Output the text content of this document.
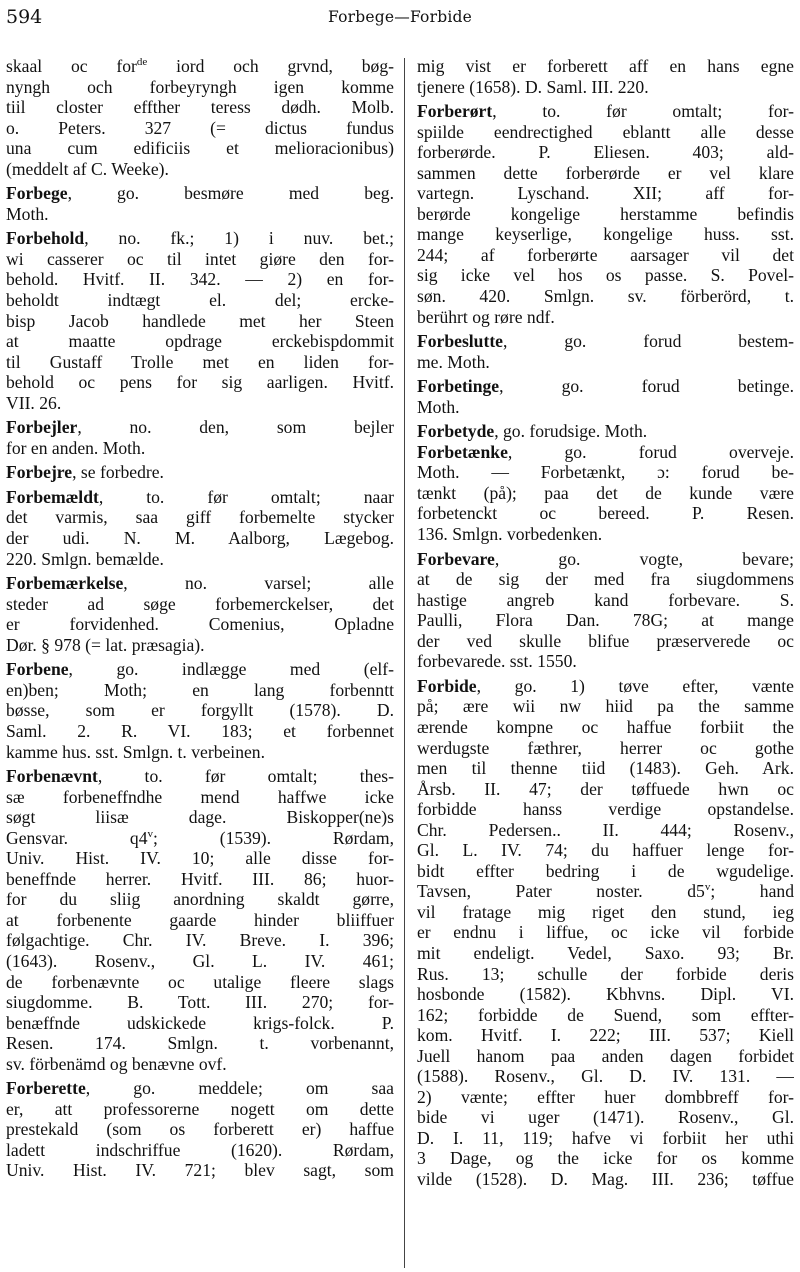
594	Forbege—Forbide
skaal oc for$^{de}$ iord och grvnd, bøg-
nyngh och forbeyryngh igen komme
tiil closter effther teress dødh. Molb.
o. Peters. 327 (= dictus fundus
una cum edificiis et melioracionibus)
(meddelt af C. Weeke).
Forbege, go. besmøre med beg.
Moth.
Forbehold, no. fk.; 1) i nuv. bet.;
wi casserer oc til intet giøre den for-
behold. Hvitf. II. 342. — 2) en for-
beholdt indtægt el. del; ercke-
bisp Jacob handlede met her Steen
at maatte opdrage erckebispdommit
til Gustaff Trolle met en liden for-
behold oc pens for sig aarligen. Hvitf.
VII. 26.
Forbejler, no. den, som bejler
for en anden. Moth.
Forbejre, se forbedre.
Forbemældt, to. før omtalt; naar
det varmis, saa giff forbemelte stycker
der udi. N. M. Aalborg, Lægebog.
220. Smlgn. bemælde.
Forbemærkelse, no. varsel; alle
steder ad søge forbemerckelser, det
er forvidenhed. Comenius, Opladne
Dør. § 978 (= lat. præsagia).
Forbene, go. indlægge med (elf-
en)ben; Moth; en lang forbenntt
bøsse, som er forgyllt (1578). D.
Saml. 2. R. VI. 183; et forbennet
kamme hus. sst. Smlgn. t. verbeinen.
Forbenævnt, to. før omtalt; thes-
sæ forbeneffndhe mend haffwe icke
søgt liisæ dage. Biskopper(ne)s
Gensvar. q4$^v$; (1539). Rørdam,
Univ. Hist. IV. 10; alle disse for-
beneffnde herrer. Hvitf. III. 86; huor-
for du sliig anordning skaldt gørre,
at forbenente gaarde hinder bliiffuer
følgachtige. Chr. IV. Breve. I. 396;
(1643). Rosenv., Gl. L. IV. 461;
de forbenævnte oc utalige fleere slags
siugdomme. B. Tott. III. 270; for-
benæffnde udskickede krigs-folck. P.
Resen. 174. Smlgn. t. vorbenannt,
sv. förbenämd og benævne ovf.
Forberette, go. meddele; om saa
er, att professorerne nogett om dette
prestekald (som os forberett er) haffue
ladett indschriffue (1620). Rørdam,
Univ. Hist. IV. 721; blev sagt, som
mig vist er forberett aff en hans egne
tjenere (1658). D. Saml. III. 220.
Forberørt, to. før omtalt; for-
spiilde eendrectighed eblantt alle desse
forberørde. P. Eliesen. 403; ald-
sammen dette forberørde er vel klare
vartegn. Lyschand. XII; aff for-
berørde kongelige herstamme befindis
mange keyserlige, kongelige huss. sst.
244; af forberørte aarsager vil det
sig icke vel hos os passe. S. Povel-
søn. 420. Smlgn. sv. förberörd, t.
berührt og røre ndf.
Forbeslutte, go. forud bestem-
me. Moth.
Forbetinge, go. forud betinge.
Moth.
Forbetyde, go. forudsige. Moth.
Forbetænke, go. forud overveje.
Moth. — Forbetænkt, ɔ: forud be-
tænkt (på); paa det de kunde være
forbetenckt oc bereed. P. Resen.
136. Smlgn. vorbedenken.
Forbevare, go. vogte, bevare;
at de sig der med fra siugdommens
hastige angreb kand forbevare. S.
Paulli, Flora Dan. 78G; at mange
der ved skulle blifue præserverede oc
forbevarede. sst. 1550.
Forbide, go. 1) tøve efter, vænte
på; ære wii nw hiid pa the samme
ærende kompne oc haffue forbiit the
werdugste fæthrer, herrer oc gothe
men til thenne tiid (1483). Geh. Ark.
Årsb. II. 47; der tøffuede hwn oc
forbidde hanss verdige opstandelse.
Chr. Pedersen.. II. 444; Rosenv.,
Gl. L. IV. 74; du haffuer lenge for-
bidt effter bedring i de wgudelige.
Tavsen, Pater noster. d5$^v$; hand
vil fratage mig riget den stund, ieg
er endnu i liffue, oc icke vil forbide
mit endeligt. Vedel, Saxo. 93; Br.
Rus. 13; schulle der forbide deris
hosbonde (1582). Kbhvns. Dipl. VI.
162; forbidde de Suend, som effter-
kom. Hvitf. I. 222; III. 537; Kiell
Juell hanom paa anden dagen forbidet
(1588). Rosenv., Gl. D. IV. 131. —
2) vænte; effter huer dombbreff for-
bide vi uger (1471). Rosenv., Gl.
D. I. 11, 119; hafve vi forbiit her uthi
3 Dage, og the icke for os komme
vilde (1528). D. Mag. III. 236; tøffue
